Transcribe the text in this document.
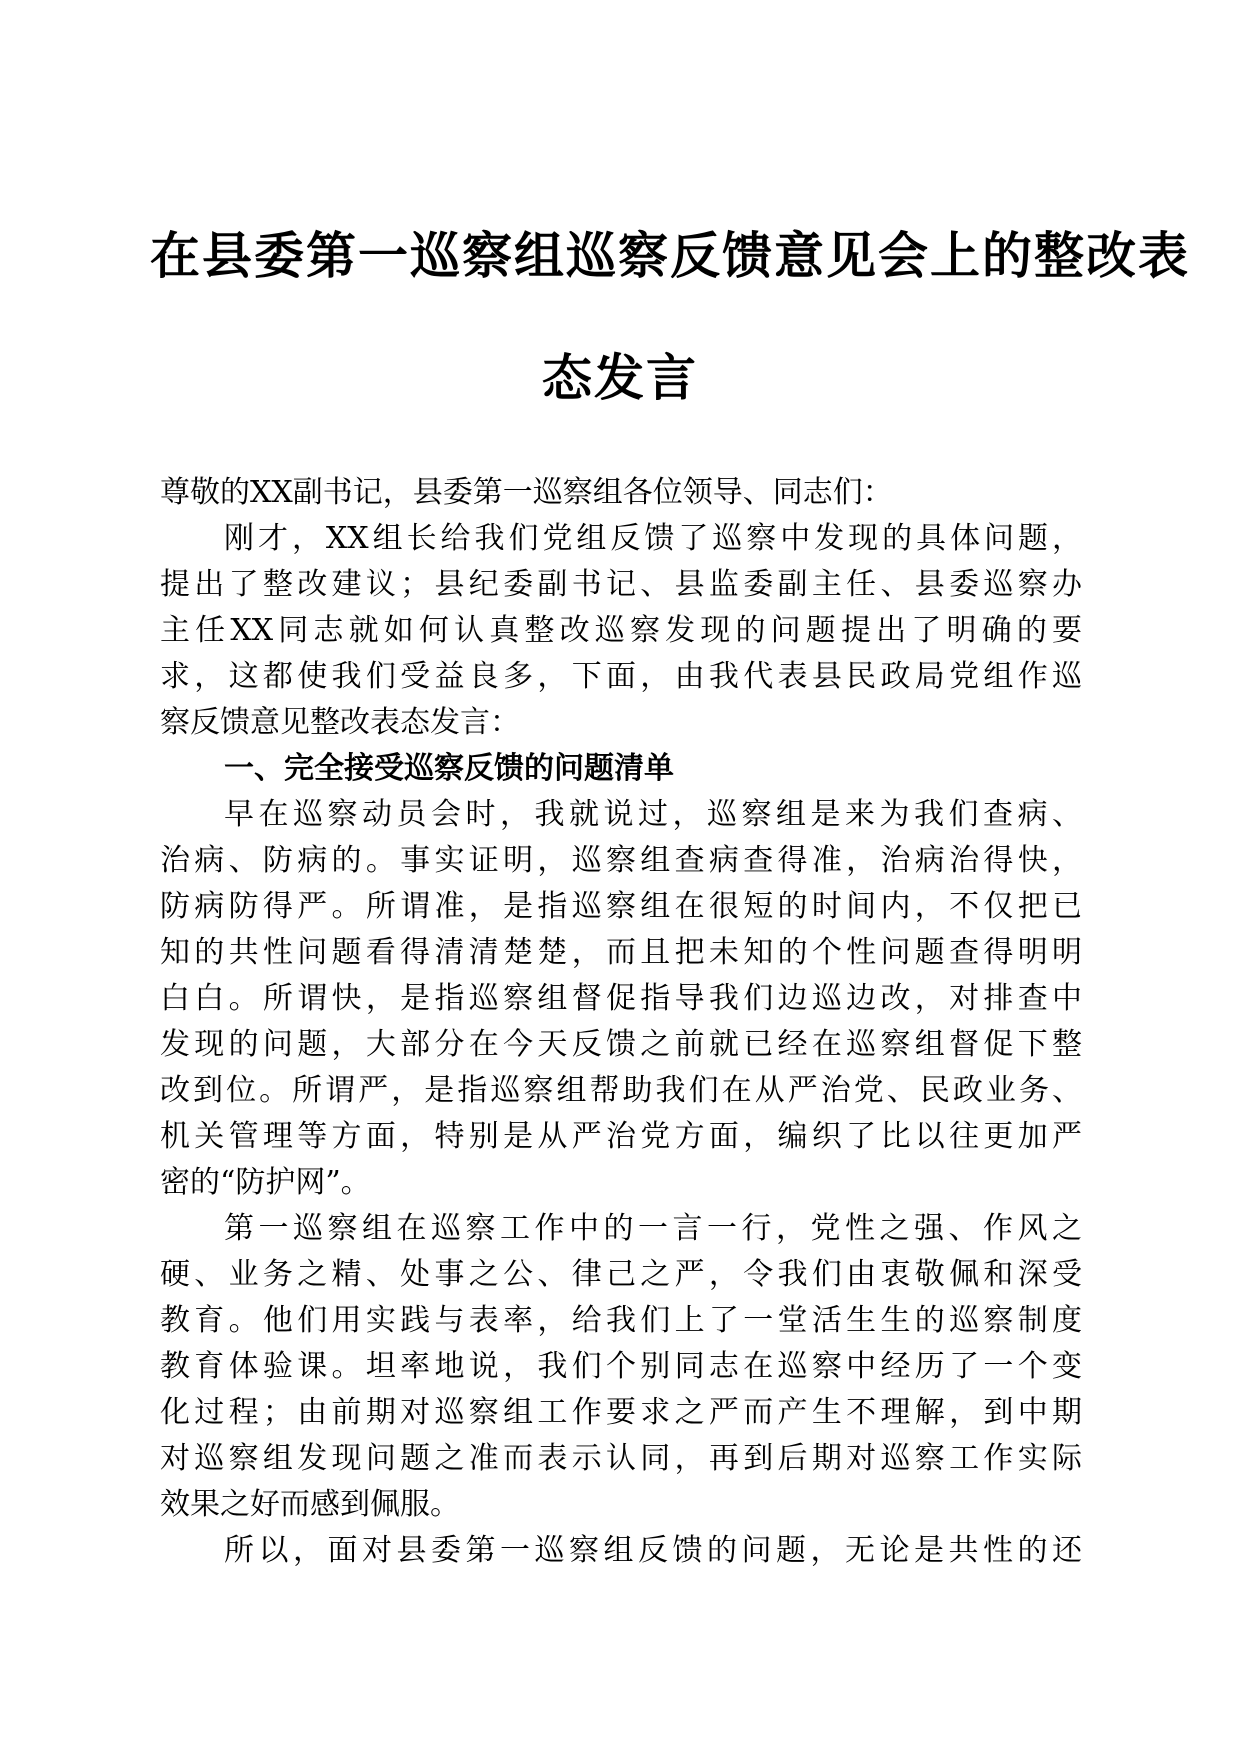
在县委第一巡察组巡察反馈意见会上的整改表
态发言
尊敬的XX副书记，县委第一巡察组各位领导、同志们：
刚才，XX组长给我们党组反馈了巡察中发现的具体问题，
提出了整改建议；县纪委副书记、县监委副主任、县委巡察办
主任XX同志就如何认真整改巡察发现的问题提出了明确的要
求，这都使我们受益良多，下面，由我代表县民政局党组作巡
察反馈意见整改表态发言：
一、完全接受巡察反馈的问题清单
早在巡察动员会时，我就说过，巡察组是来为我们查病、
治病、防病的。事实证明，巡察组查病查得准，治病治得快，
防病防得严。所谓准，是指巡察组在很短的时间内，不仅把已
知的共性问题看得清清楚楚，而且把未知的个性问题查得明明
白白。所谓快，是指巡察组督促指导我们边巡边改，对排查中
发现的问题，大部分在今天反馈之前就已经在巡察组督促下整
改到位。所谓严，是指巡察组帮助我们在从严治党、民政业务、
机关管理等方面，特别是从严治党方面，编织了比以往更加严
密的“防护网”。
第一巡察组在巡察工作中的一言一行，党性之强、作风之
硬、业务之精、处事之公、律己之严，令我们由衷敬佩和深受
教育。他们用实践与表率，给我们上了一堂活生生的巡察制度
教育体验课。坦率地说，我们个别同志在巡察中经历了一个变
化过程；由前期对巡察组工作要求之严而产生不理解，到中期
对巡察组发现问题之准而表示认同，再到后期对巡察工作实际
效果之好而感到佩服。
所以，面对县委第一巡察组反馈的问题，无论是共性的还
